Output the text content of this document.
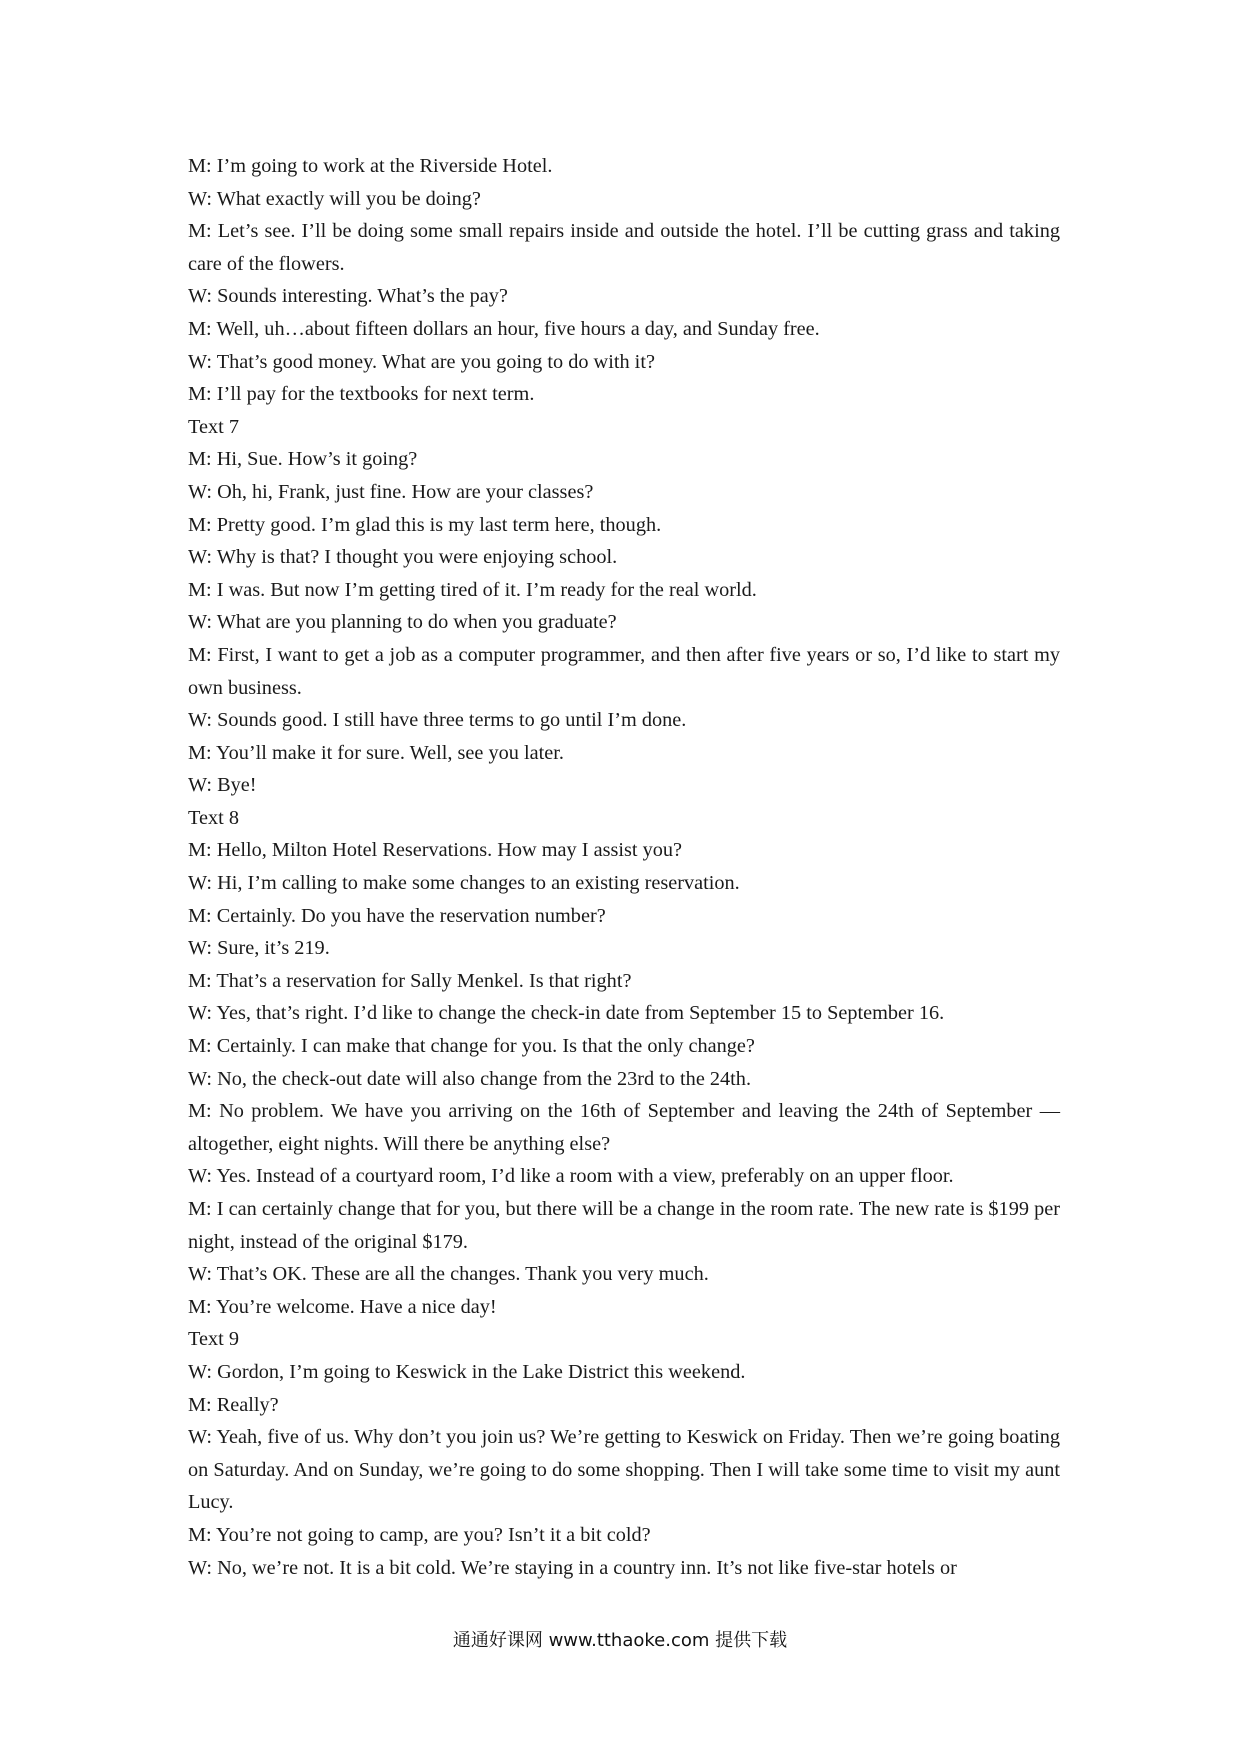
M: I’m going to work at the Riverside Hotel.

W: What exactly will you be doing?

M: Let’s see. I’ll be doing some small repairs inside and outside the hotel. I’ll be cutting grass and taking care of the flowers.

W: Sounds interesting. What’s the pay?

M: Well, uh…about fifteen dollars an hour, five hours a day, and Sunday free.

W: That’s good money. What are you going to do with it?

M: I’ll pay for the textbooks for next term.

Text 7

M: Hi, Sue. How’s it going?

W: Oh, hi, Frank, just fine. How are your classes?

M: Pretty good. I’m glad this is my last term here, though.

W: Why is that? I thought you were enjoying school.

M: I was. But now I’m getting tired of it. I’m ready for the real world.

W: What are you planning to do when you graduate?

M: First, I want to get a job as a computer programmer, and then after five years or so, I’d like to start my own business.

W: Sounds good. I still have three terms to go until I’m done.

M: You’ll make it for sure. Well, see you later.

W: Bye!

Text 8

M: Hello, Milton Hotel Reservations. How may I assist you?

W: Hi, I’m calling to make some changes to an existing reservation.

M: Certainly. Do you have the reservation number?

W: Sure, it’s 219.

M: That’s a reservation for Sally Menkel. Is that right?

W: Yes, that’s right. I’d like to change the check-in date from September 15 to September 16.

M: Certainly. I can make that change for you. Is that the only change?

W: No, the check-out date will also change from the 23rd to the 24th.

M: No problem. We have you arriving on the 16th of September and leaving the 24th of September — altogether, eight nights. Will there be anything else?

W: Yes. Instead of a courtyard room, I’d like a room with a view, preferably on an upper floor.

M: I can certainly change that for you, but there will be a change in the room rate. The new rate is $199 per night, instead of the original $179.

W: That’s OK. These are all the changes. Thank you very much.

M: You’re welcome. Have a nice day!

Text 9

W: Gordon, I’m going to Keswick in the Lake District this weekend.

M: Really?

W: Yeah, five of us. Why don’t you join us? We’re getting to Keswick on Friday. Then we’re going boating on Saturday. And on Sunday, we’re going to do some shopping. Then I will take some time to visit my aunt Lucy.

M: You’re not going to camp, are you? Isn’t it a bit cold?

W: No, we’re not. It is a bit cold. We’re staying in a country inn. It’s not like five-star hotels or

通通好课网 www.tthaoke.com 提供下载
